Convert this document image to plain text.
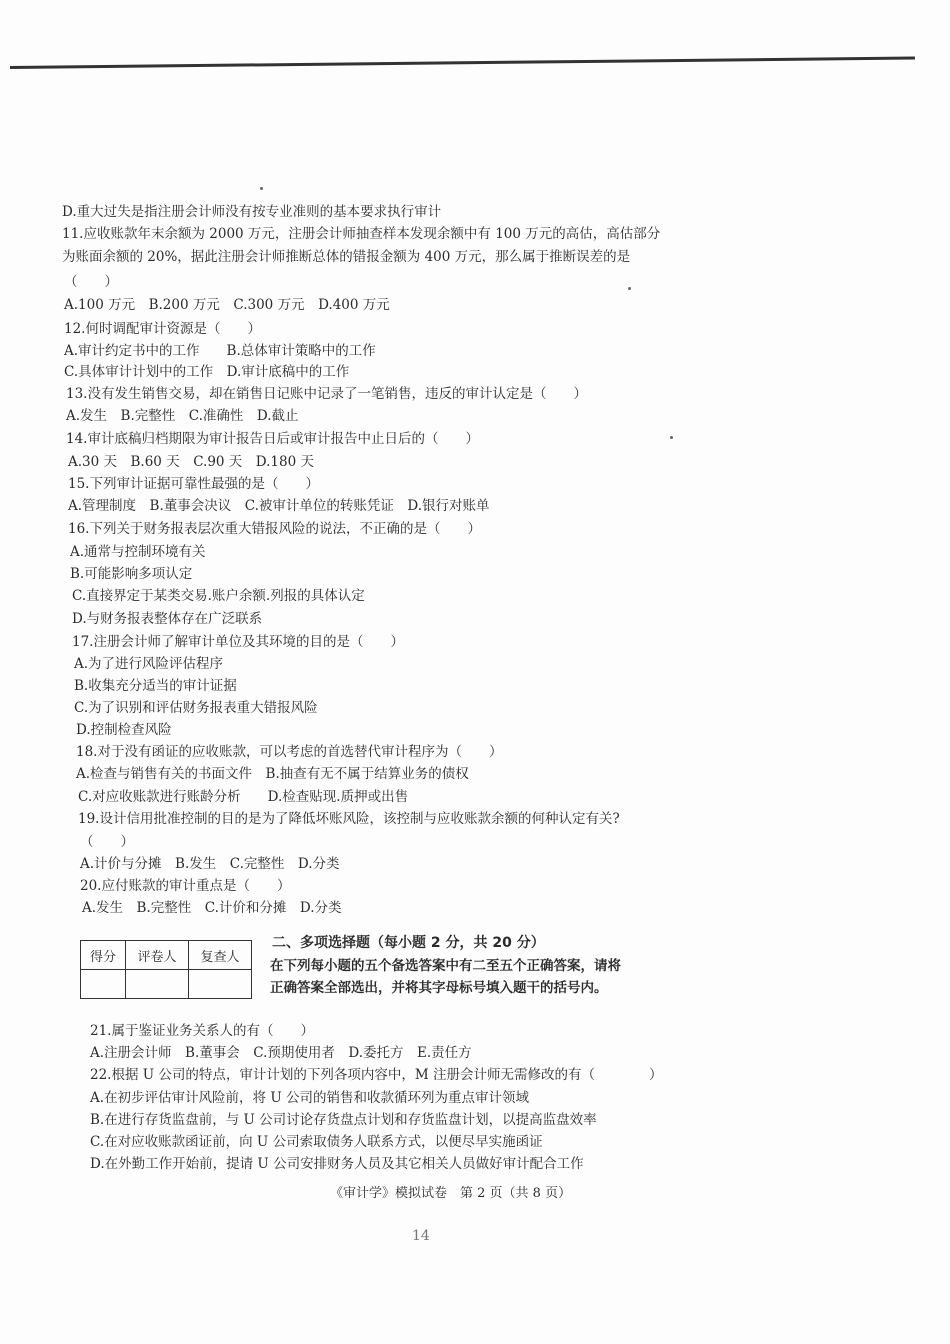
D.重大过失是指注册会计师没有按专业准则的基本要求执行审计
11.应收账款年末余额为 2000 万元，注册会计师抽查样本发现余额中有 100 万元的高估，高估部分
为账面余额的 20%，据此注册会计师推断总体的错报金额为 400 万元，那么属于推断误差的是
（　　）
A.100 万元　B.200 万元　C.300 万元　D.400 万元
12.何时调配审计资源是（　　）
A.审计约定书中的工作　　B.总体审计策略中的工作
C.具体审计计划中的工作　D.审计底稿中的工作
13.没有发生销售交易，却在销售日记账中记录了一笔销售，违反的审计认定是（　　）
A.发生　B.完整性　C.准确性　D.截止
14.审计底稿归档期限为审计报告日后或审计报告中止日后的（　　）
A.30 天　B.60 天　C.90 天　D.180 天
15.下列审计证据可靠性最强的是（　　）
A.管理制度　B.董事会决议　C.被审计单位的转账凭证　D.银行对账单
16.下列关于财务报表层次重大错报风险的说法，不正确的是（　　）
A.通常与控制环境有关
B.可能影响多项认定
C.直接界定于某类交易.账户余额.列报的具体认定
D.与财务报表整体存在广泛联系
17.注册会计师了解审计单位及其环境的目的是（　　）
A.为了进行风险评估程序
B.收集充分适当的审计证据
C.为了识别和评估财务报表重大错报风险
D.控制检查风险
18.对于没有函证的应收账款，可以考虑的首选替代审计程序为（　　）
A.检查与销售有关的书面文件　B.抽查有无不属于结算业务的债权
C.对应收账款进行账龄分析　　D.检查贴现.质押或出售
19.设计信用批准控制的目的是为了降低坏账风险，该控制与应收账款余额的何种认定有关?
（　　）
A.计价与分摊　B.发生　C.完整性　D.分类
20.应付账款的审计重点是（　　）
A.发生　B.完整性　C.计价和分摊　D.分类
得分	评卷人	复查人

二、多项选择题（每小题 2 分，共 20 分）
在下列每小题的五个备选答案中有二至五个正确答案，请将
正确答案全部选出，并将其字母标号填入题干的括号内。
21.属于鉴证业务关系人的有（　　）
A.注册会计师　B.董事会　C.预期使用者　D.委托方　E.责任方
22.根据 U 公司的特点，审计计划的下列各项内容中，M 注册会计师无需修改的有（　　　　）
A.在初步评估审计风险前，将 U 公司的销售和收款循环列为重点审计领域
B.在进行存货监盘前，与 U 公司讨论存货盘点计划和存货监盘计划，以提高监盘效率
C.在对应收账款函证前，向 U 公司索取债务人联系方式，以便尽早实施函证
D.在外勤工作开始前，提请 U 公司安排财务人员及其它相关人员做好审计配合工作
《审计学》模拟试卷　第 2 页（共 8 页）
14
